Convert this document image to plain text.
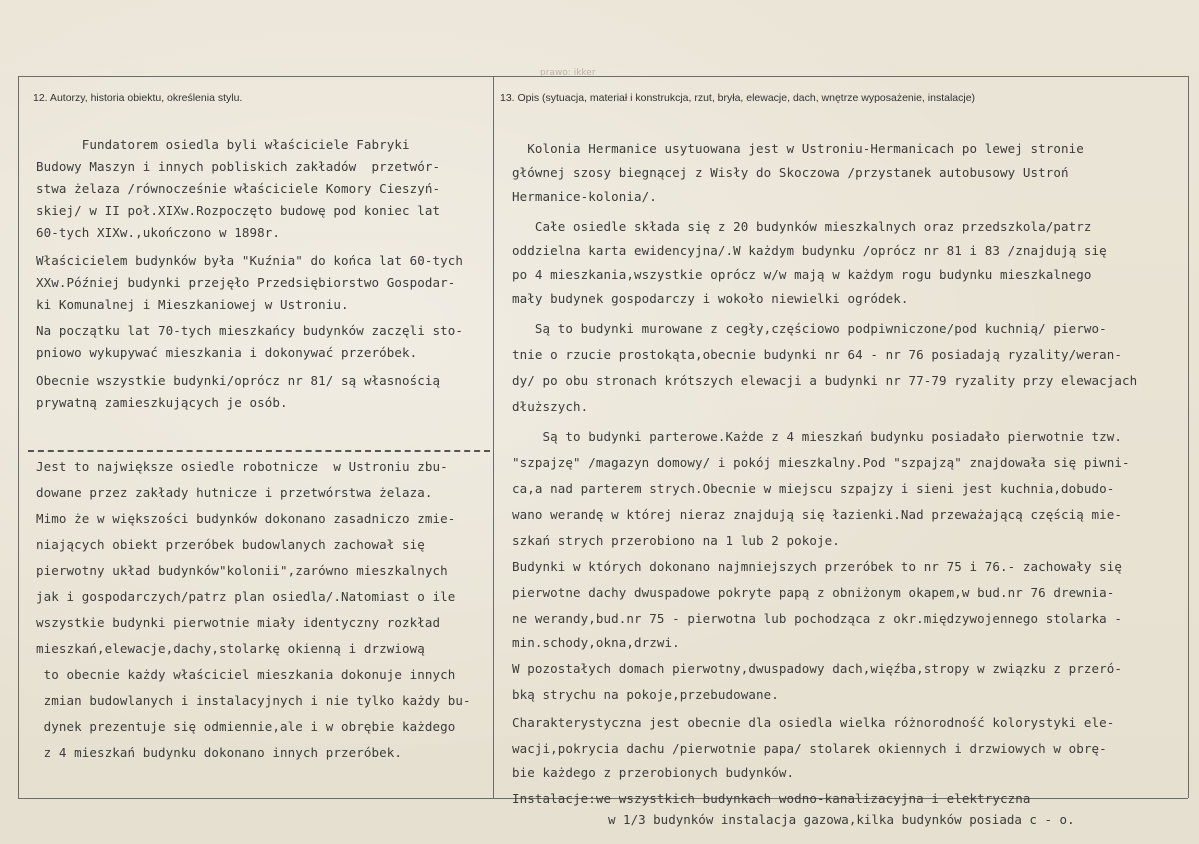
prawo: ikker
12. Autorzy, historia obiektu, określenia stylu.	13. Opis (sytuacja, materiał i konstrukcja, rzut, bryła, elewacje, dach, wnętrze wyposażenie, instalacje)
Fundatorem osiedla byli właściciele Fabryki
Budowy Maszyn i innych pobliskich zakładów  przetwór-
stwa żelaza /równocześnie właściciele Komory Cieszyń-
skiej/ w II poł.XIXw.Rozpoczęto budowę pod koniec lat
60-tych XIXw.,ukończono w 1898r.
Właścicielem budynków była "Kuźnia" do końca lat 60-tych
XXw.Później budynki przejęło Przedsiębiorstwo Gospodar-
ki Komunalnej i Mieszkaniowej w Ustroniu.
Na początku lat 70-tych mieszkańcy budynków zaczęli sto-
pniowo wykupywać mieszkania i dokonywać przeróbek.
Obecnie wszystkie budynki/oprócz nr 81/ są własnością
prywatną zamieszkujących je osób.
Jest to największe osiedle robotnicze  w Ustroniu zbu-
dowane przez zakłady hutnicze i przetwórstwa żelaza.
Mimo że w większości budynków dokonano zasadniczo zmie-
niających obiekt przeróbek budowlanych zachował się
pierwotny układ budynków"kolonii",zarówno mieszkalnych
jak i gospodarczych/patrz plan osiedla/.Natomiast o ile
wszystkie budynki pierwotnie miały identyczny rozkład
mieszkań,elewacje,dachy,stolarkę okienną i drzwiową
to obecnie każdy właściciel mieszkania dokonuje innych
zmian budowlanych i instalacyjnych i nie tylko każdy bu-
dynek prezentuje się odmiennie,ale i w obrębie każdego
z 4 mieszkań budynku dokonano innych przeróbek.
Kolonia Hermanice usytuowana jest w Ustroniu-Hermanicach po lewej stronie
głównej szosy biegnącej z Wisły do Skoczowa /przystanek autobusowy Ustroń
Hermanice-kolonia/.
Całe osiedle składa się z 20 budynków mieszkalnych oraz przedszkola/patrz
oddzielna karta ewidencyjna/.W każdym budynku /oprócz nr 81 i 83 /znajdują się
po 4 mieszkania,wszystkie oprócz w/w mają w każdym rogu budynku mieszkalnego
mały budynek gospodarczy i wokoło niewielki ogródek.
Są to budynki murowane z cegły,częściowo podpiwniczone/pod kuchnią/ pierwo-
tnie o rzucie prostokąta,obecnie budynki nr 64 - nr 76 posiadają ryzality/weran-
dy/ po obu stronach krótszych elewacji a budynki nr 77-79 ryzality przy elewacjach
dłuższych.
Są to budynki parterowe.Każde z 4 mieszkań budynku posiadało pierwotnie tzw.
"szpajzę" /magazyn domowy/ i pokój mieszkalny.Pod "szpajzą" znajdowała się piwni-
ca,a nad parterem strych.Obecnie w miejscu szpajzy i sieni jest kuchnia,dobudo-
wano werandę w której nieraz znajdują się łazienki.Nad przeważającą częścią mie-
szkań strych przerobiono na 1 lub 2 pokoje.
Budynki w których dokonano najmniejszych przeróbek to nr 75 i 76.- zachowały się
pierwotne dachy dwuspadowe pokryte papą z obniżonym okapem,w bud.nr 76 drewnia-
ne werandy,bud.nr 75 - pierwotna lub pochodząca z okr.międzywojennego stolarka -
min.schody,okna,drzwi.
W pozostałych domach pierwotny,dwuspadowy dach,więźba,stropy w związku z przeró-
bką strychu na pokoje,przebudowane.
Charakterystyczna jest obecnie dla osiedla wielka różnorodność kolorystyki ele-
wacji,pokrycia dachu /pierwotnie papa/ stolarek okiennych i drzwiowych w obrę-
bie każdego z przerobionych budynków.
Instalacje:we wszystkich budynkach wodno-kanalizacyjna i elektryczna
w 1/3 budynków instalacja gazowa,kilka budynków posiada c - o.
